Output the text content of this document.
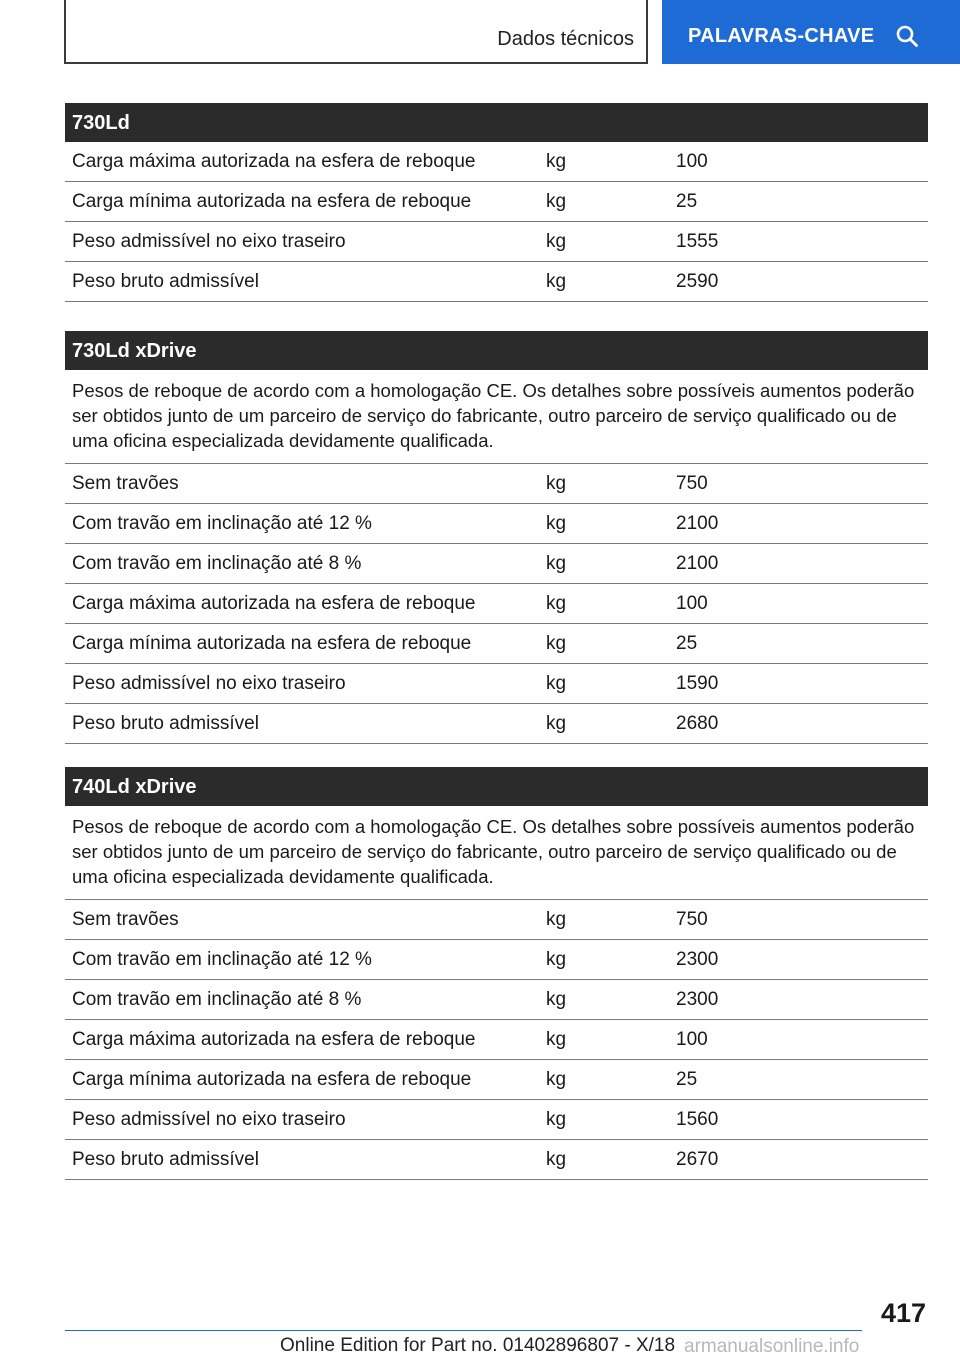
Dados técnicos	PALAVRAS-CHAVE
730Ld
Carga máxima autorizada na esfera de reboque	kg	100
Carga mínima autorizada na esfera de reboque	kg	25
Peso admissível no eixo traseiro	kg	1555
Peso bruto admissível	kg	2590
730Ld xDrive
Pesos de reboque de acordo com a homologação CE. Os detalhes sobre possíveis aumentos poderão ser obtidos junto de um parceiro de serviço do fabricante, outro parceiro de serviço qualificado ou de uma oficina especializada devidamente qualificada.
Sem travões	kg	750
Com travão em inclinação até 12 %	kg	2100
Com travão em inclinação até 8 %	kg	2100
Carga máxima autorizada na esfera de reboque	kg	100
Carga mínima autorizada na esfera de reboque	kg	25
Peso admissível no eixo traseiro	kg	1590
Peso bruto admissível	kg	2680
740Ld xDrive
Pesos de reboque de acordo com a homologação CE. Os detalhes sobre possíveis aumentos poderão ser obtidos junto de um parceiro de serviço do fabricante, outro parceiro de serviço qualificado ou de uma oficina especializada devidamente qualificada.
Sem travões	kg	750
Com travão em inclinação até 12 %	kg	2300
Com travão em inclinação até 8 %	kg	2300
Carga máxima autorizada na esfera de reboque	kg	100
Carga mínima autorizada na esfera de reboque	kg	25
Peso admissível no eixo traseiro	kg	1560
Peso bruto admissível	kg	2670
417
Online Edition for Part no. 01402896807 - X/18 armanualsonline.info
